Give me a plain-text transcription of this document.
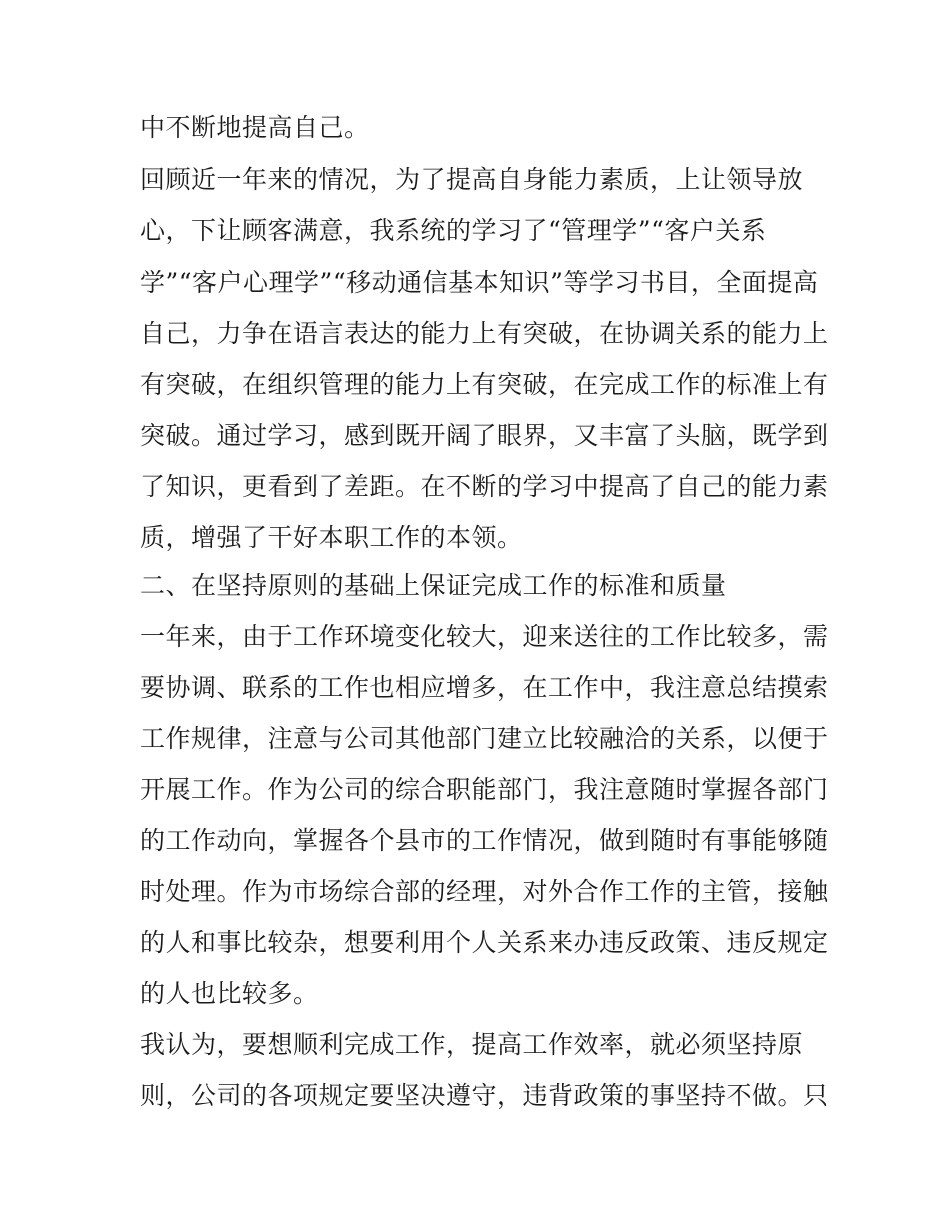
中不断地提高自己。
回顾近一年来的情况，为了提高自身能力素质，上让领导放
心，下让顾客满意，我系统的学习了“管理学”“客户关系
学”“客户心理学”“移动通信基本知识”等学习书目，全面提高
自己，力争在语言表达的能力上有突破，在协调关系的能力上
有突破，在组织管理的能力上有突破，在完成工作的标准上有
突破。通过学习，感到既开阔了眼界，又丰富了头脑，既学到
了知识，更看到了差距。在不断的学习中提高了自己的能力素
质，增强了干好本职工作的本领。
二、在坚持原则的基础上保证完成工作的标准和质量
一年来，由于工作环境变化较大，迎来送往的工作比较多，需
要协调、联系的工作也相应增多，在工作中，我注意总结摸索
工作规律，注意与公司其他部门建立比较融洽的关系，以便于
开展工作。作为公司的综合职能部门，我注意随时掌握各部门
的工作动向，掌握各个县市的工作情况，做到随时有事能够随
时处理。作为市场综合部的经理，对外合作工作的主管，接触
的人和事比较杂，想要利用个人关系来办违反政策、违反规定
的人也比较多。
我认为，要想顺利完成工作，提高工作效率，就必须坚持原
则，公司的各项规定要坚决遵守，违背政策的事坚持不做。只
